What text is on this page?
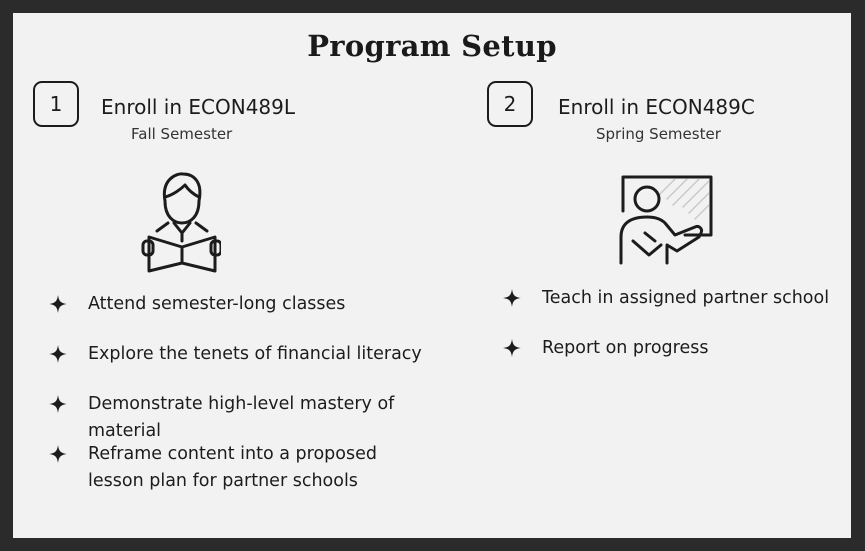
Program Setup
1 Enroll in ECON489L
Fall Semester
Attend semester-long classes
Explore the tenets of financial literacy
Demonstrate high-level mastery of material
Reframe content into a proposed lesson plan for partner schools
2 Enroll in ECON489C
Spring Semester
Teach in assigned partner school
Report on progress
